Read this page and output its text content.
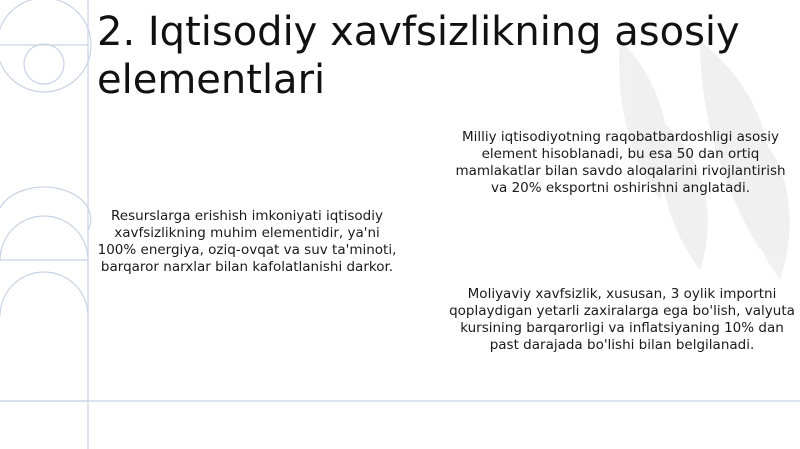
2. Iqtisodiy xavfsizlikning asosiy elementlari

Resurslarga erishish imkoniyati iqtisodiy xavfsizlikning muhim elementidir, ya'ni 100% energiya, oziq-ovqat va suv ta'minoti, barqaror narxlar bilan kafolatlanishi darkor.

Milliy iqtisodiyotning raqobatbardoshligi asosiy element hisoblanadi, bu esa 50 dan ortiq mamlakatlar bilan savdo aloqalarini rivojlantirish va 20% eksportni oshirishni anglatadi.

Moliyaviy xavfsizlik, xususan, 3 oylik importni qoplaydigan yetarli zaxiralarga ega bo'lish, valyuta kursining barqarorligi va inflatsiyaning 10% dan past darajada bo'lishi bilan belgilanadi.
